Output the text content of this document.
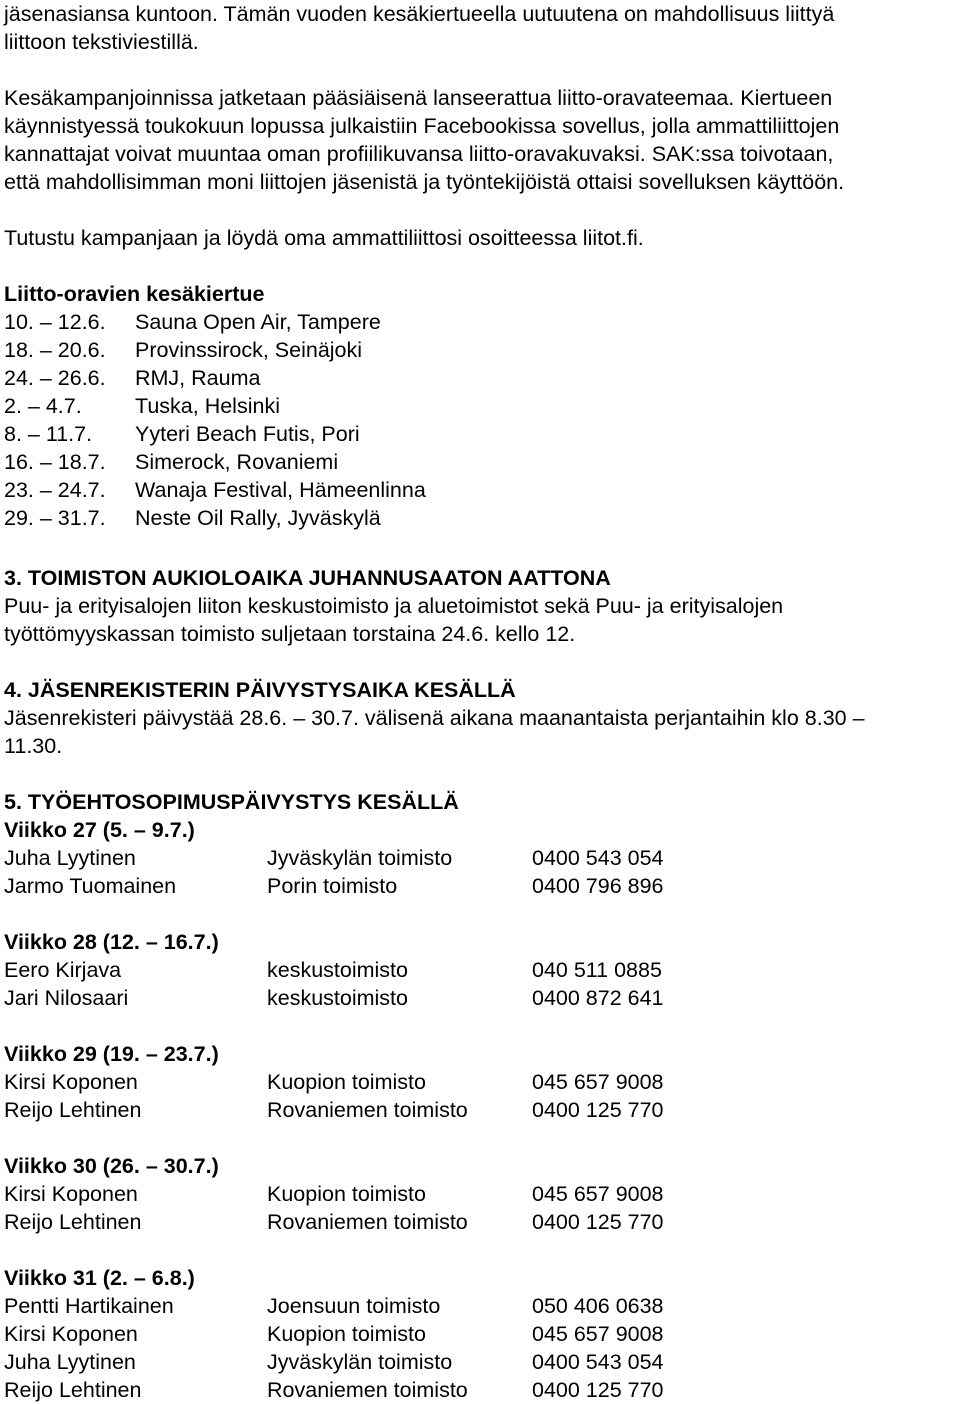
jäsenasiansa kuntoon. Tämän vuoden kesäkiertueella uutuutena on mahdollisuus liittyä

liittoon tekstiviestillä.

Kesäkampanjoinnissa jatketaan pääsiäisenä lanseerattua liitto-oravateemaa. Kiertueen

käynnistyessä toukokuun lopussa julkaistiin Facebookissa sovellus, jolla ammattiliittojen

kannattajat voivat muuntaa oman profiilikuvansa liitto-oravakuvaksi. SAK:ssa toivotaan,

että mahdollisimman moni liittojen jäsenistä ja työntekijöistä ottaisi sovelluksen käyttöön.

Tutustu kampanjaan ja löydä oma ammattiliittosi osoitteessa liitot.fi.

Liitto-oravien kesäkiertue

10. – 12.6.	Sauna Open Air, Tampere
18. – 20.6.	Provinssirock, Seinäjoki
24. – 26.6.	RMJ, Rauma
2. – 4.7.	Tuska, Helsinki
8. – 11.7.	Yyteri Beach Futis, Pori
16. – 18.7.	Simerock, Rovaniemi
23. – 24.7.	Wanaja Festival, Hämeenlinna
29. – 31.7.	Neste Oil Rally, Jyväskylä

3. TOIMISTON AUKIOLOAIKA JUHANNUSAATON AATTONA

Puu- ja erityisalojen liiton keskustoimisto ja aluetoimistot sekä Puu- ja erityisalojen

työttömyyskassan toimisto suljetaan torstaina 24.6. kello 12.

4. JÄSENREKISTERIN PÄIVYSTYSAIKA KESÄLLÄ

Jäsenrekisteri päivystää 28.6. – 30.7. välisenä aikana maanantaista perjantaihin klo 8.30 –

11.30.

5. TYÖEHTOSOPIMUSPÄIVYSTYS KESÄLLÄ

Viikko 27 (5. – 9.7.)

Juha Lyytinen	Jyväskylän toimisto	0400 543 054
Jarmo Tuomainen	Porin toimisto	0400 796 896

Viikko 28 (12. – 16.7.)

Eero Kirjava	keskustoimisto	040 511 0885
Jari Nilosaari	keskustoimisto	0400 872 641

Viikko 29 (19. – 23.7.)

Kirsi Koponen	Kuopion toimisto	045 657 9008
Reijo Lehtinen	Rovaniemen toimisto	0400 125 770

Viikko 30 (26. – 30.7.)

Kirsi Koponen	Kuopion toimisto	045 657 9008
Reijo Lehtinen	Rovaniemen toimisto	0400 125 770

Viikko 31 (2. – 6.8.)

Pentti Hartikainen	Joensuun toimisto	050 406 0638
Kirsi Koponen	Kuopion toimisto	045 657 9008
Juha Lyytinen	Jyväskylän toimisto	0400 543 054
Reijo Lehtinen	Rovaniemen toimisto	0400 125 770
